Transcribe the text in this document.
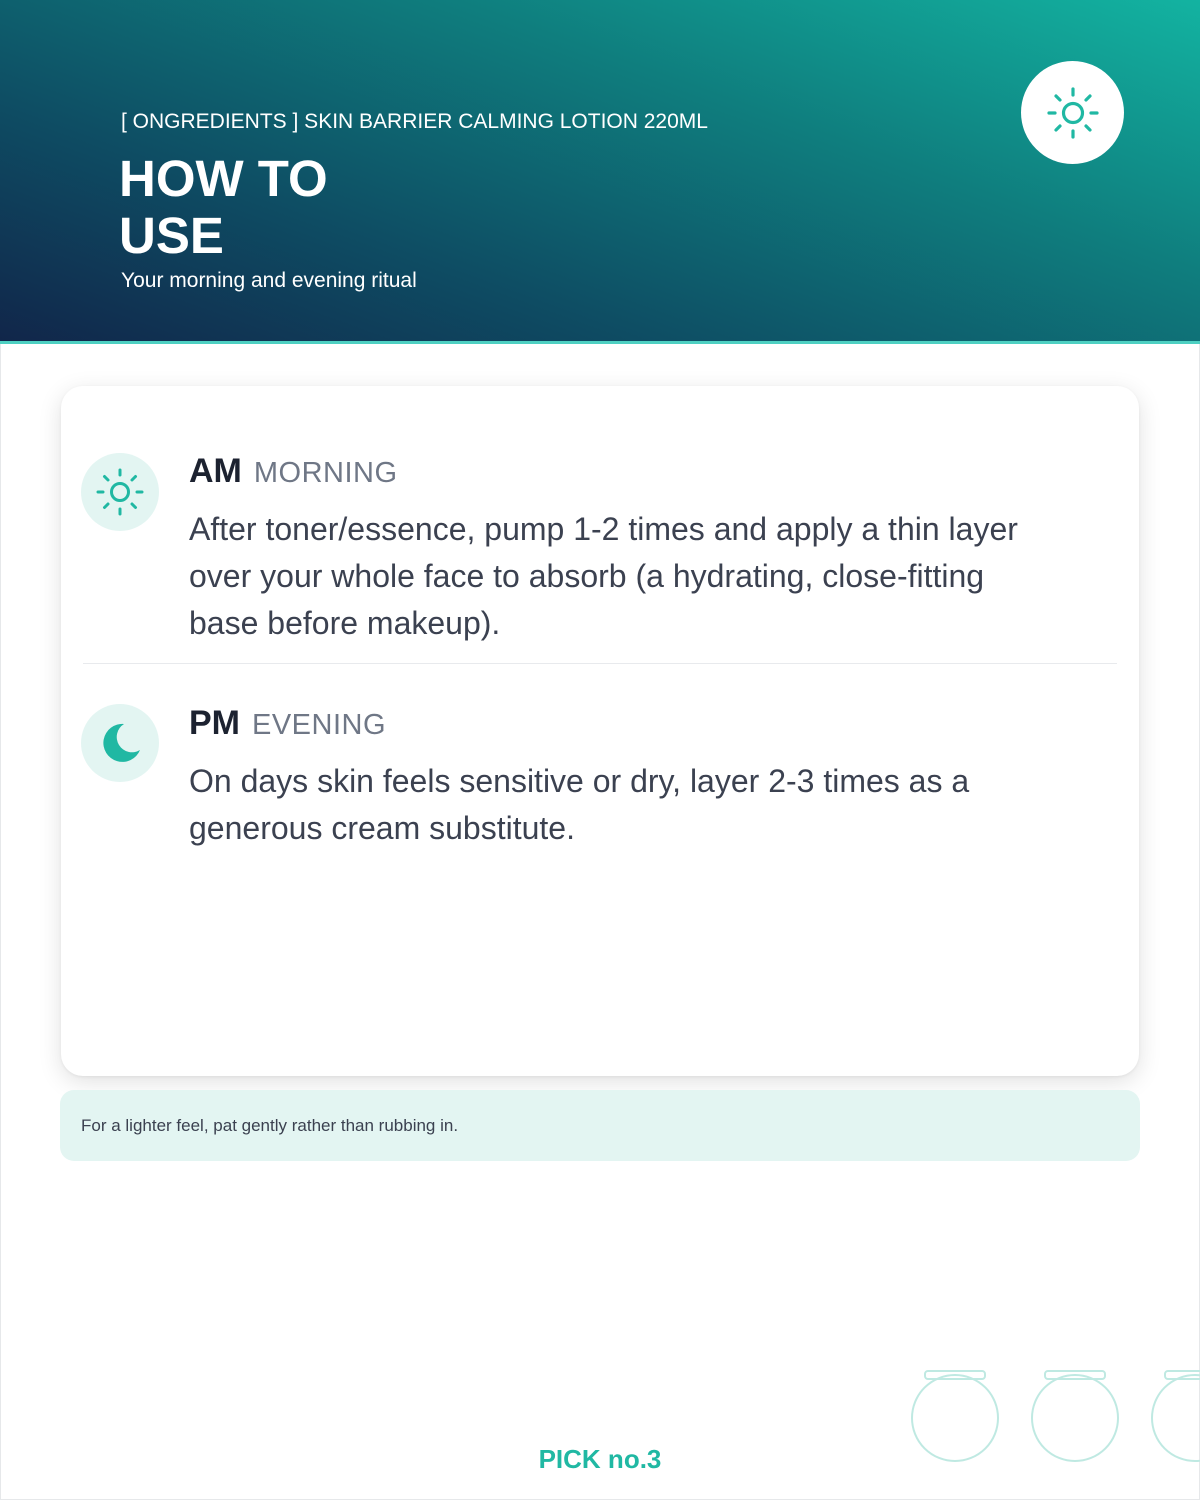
[ ONGREDIENTS ] SKIN BARRIER CALMING LOTION 220ML
HOW TO
USE
Your morning and evening ritual
AM MORNING
After toner/essence, pump 1-2 times and apply a thin layer
over your whole face to absorb (a hydrating, close-fitting
base before makeup).
PM EVENING
On days skin feels sensitive or dry, layer 2-3 times as a
generous cream substitute.
For a lighter feel, pat gently rather than rubbing in.
PICK no.3
